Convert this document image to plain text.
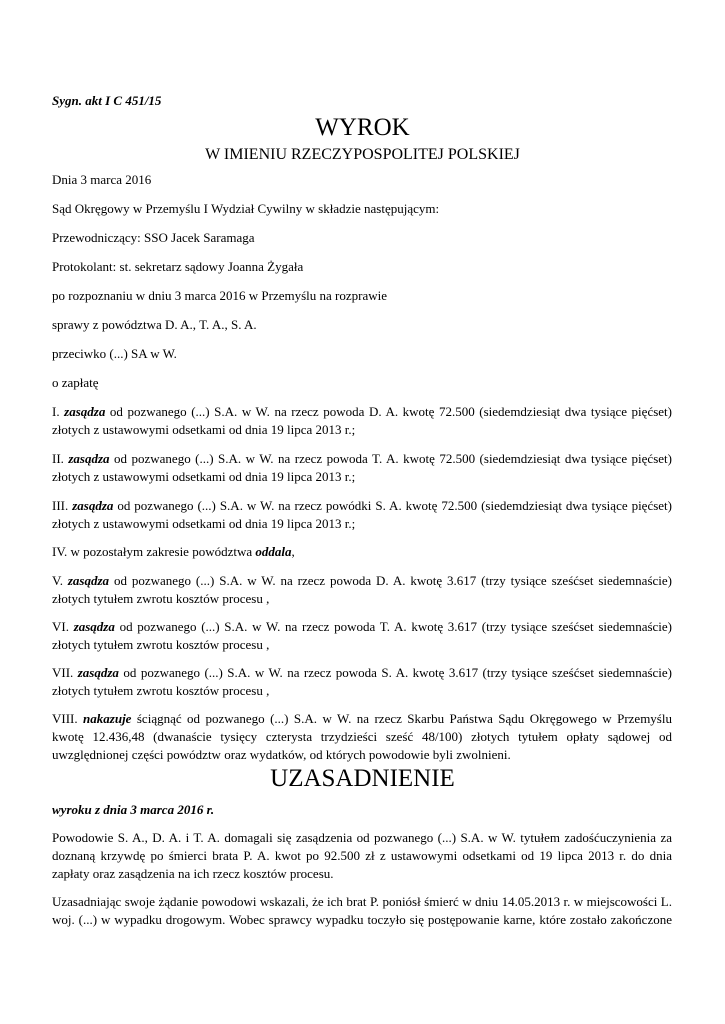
Sygn. akt I C 451/15
WYROK
W IMIENIU RZECZYPOSPOLITEJ POLSKIEJ
Dnia 3 marca 2016
Sąd Okręgowy w Przemyślu I Wydział Cywilny w składzie następującym:
Przewodniczący: SSO Jacek Saramaga
Protokolant: st. sekretarz sądowy Joanna Żygała
po rozpoznaniu w dniu 3 marca 2016 w Przemyślu na rozprawie
sprawy z powództwa D. A., T. A., S. A.
przeciwko (...) SA w W.
o zapłatę
I. zasądza od pozwanego (...) S.A. w W. na rzecz powoda D. A. kwotę 72.500 (siedemdziesiąt dwa tysiące pięćset) złotych z ustawowymi odsetkami od dnia 19 lipca 2013 r.;
II. zasądza od pozwanego (...) S.A. w W. na rzecz powoda T. A. kwotę 72.500 (siedemdziesiąt dwa tysiące pięćset) złotych z ustawowymi odsetkami od dnia 19 lipca 2013 r.;
III. zasądza od pozwanego (...) S.A. w W. na rzecz powódki S. A. kwotę 72.500 (siedemdziesiąt dwa tysiące pięćset) złotych z ustawowymi odsetkami od dnia 19 lipca 2013 r.;
IV. w pozostałym zakresie powództwa oddala,
V. zasądza od pozwanego (...) S.A. w W. na rzecz powoda D. A. kwotę 3.617 (trzy tysiące sześćset siedemnaście) złotych tytułem zwrotu kosztów procesu ,
VI. zasądza od pozwanego (...) S.A. w W. na rzecz powoda T. A. kwotę 3.617 (trzy tysiące sześćset siedemnaście) złotych tytułem zwrotu kosztów procesu ,
VII. zasądza od pozwanego (...) S.A. w W. na rzecz powoda S. A. kwotę 3.617 (trzy tysiące sześćset siedemnaście) złotych tytułem zwrotu kosztów procesu ,
VIII. nakazuje ściągnąć od pozwanego (...) S.A. w W. na rzecz Skarbu Państwa Sądu Okręgowego w Przemyślu kwotę 12.436,48 (dwanaście tysięcy czterysta trzydzieści sześć 48/100) złotych tytułem opłaty sądowej od uwzględnionej części powództw oraz wydatków, od których powodowie byli zwolnieni.
UZASADNIENIE
wyroku z dnia 3 marca 2016 r.
Powodowie S. A., D. A. i T. A. domagali się zasądzenia od pozwanego (...) S.A. w W. tytułem zadośćuczynienia za doznaną krzywdę po śmierci brata P. A. kwot po 92.500 zł z ustawowymi odsetkami od 19 lipca 2013 r. do dnia zapłaty oraz zasądzenia na ich rzecz kosztów procesu.
Uzasadniając swoje żądanie powodowi wskazali, że ich brat P. poniósł śmierć w dniu 14.05.2013 r. w miejscowości L. woj. (...) w wypadku drogowym. Wobec sprawcy wypadku toczyło się postępowanie karne, które zostało zakończone
